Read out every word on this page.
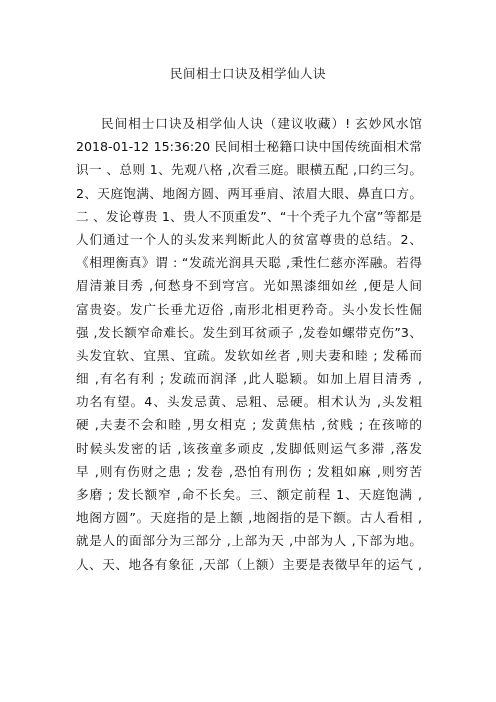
民间相士口诀及相学仙人诀
民间相士口诀及相学仙人诀（建议收藏）! 玄妙风水馆
2018-01-12 15:36:20 民间相士秘籍口诀中国传统面相术常
识一 、总则 1、先观八格 ,次看三庭。眼横五配 ,口约三匀。
2、天庭饱满、地阁方圆、两耳垂肩、浓眉大眼、鼻直口方。
二 、发论尊贵 1、贵人不顶重发”、“十个秃子九个富”等都是
人们通过一个人的头发来判断此人的贫富尊贵的总结。2、
《相理衡真》谓 : “发疏光润具天聪 ,秉性仁慈亦浑融。若得
眉清兼目秀 ,何愁身不到穹宫。光如黑漆细如丝 ,便是人间
富贵姿。发广长垂尤迈俗 ,南形北相更矜奇。头小发长性倔
强 ,发长额窄命难长。发生到耳贫顽子 ,发卷如螺带克伤”3、
头发宜软、宜黑、宜疏。发软如丝者 ,则夫妻和睦 ; 发稀而
细 ,有名有利 ; 发疏而润泽 ,此人聪颖。如加上眉目清秀 ,
功名有望。4、头发忌黄、忌粗、忌硬。相术认为 ,头发粗
硬 ,夫妻不会和睦 ,男女相克 ; 发黄焦枯 ,贫贱 ; 在孩啼的
时候头发密的话 ,该孩童多顽皮 ,发脚低则运气多滞 ,落发
早 ,则有伤财之患 ; 发卷 ,恐怕有刑伤 ; 发粗如麻 ,则穷苦
多磨 ; 发长额窄 ,命不长矣。三、额定前程 1、天庭饱满 ,
地阁方圆”。天庭指的是上额 ,地阁指的是下额。古人看相 ,
就是人的面部分为三部分 ,上部为天 ,中部为人 ,下部为地。
人、天、地各有象征 ,天部（上额）主要是表徵早年的运气 ,
